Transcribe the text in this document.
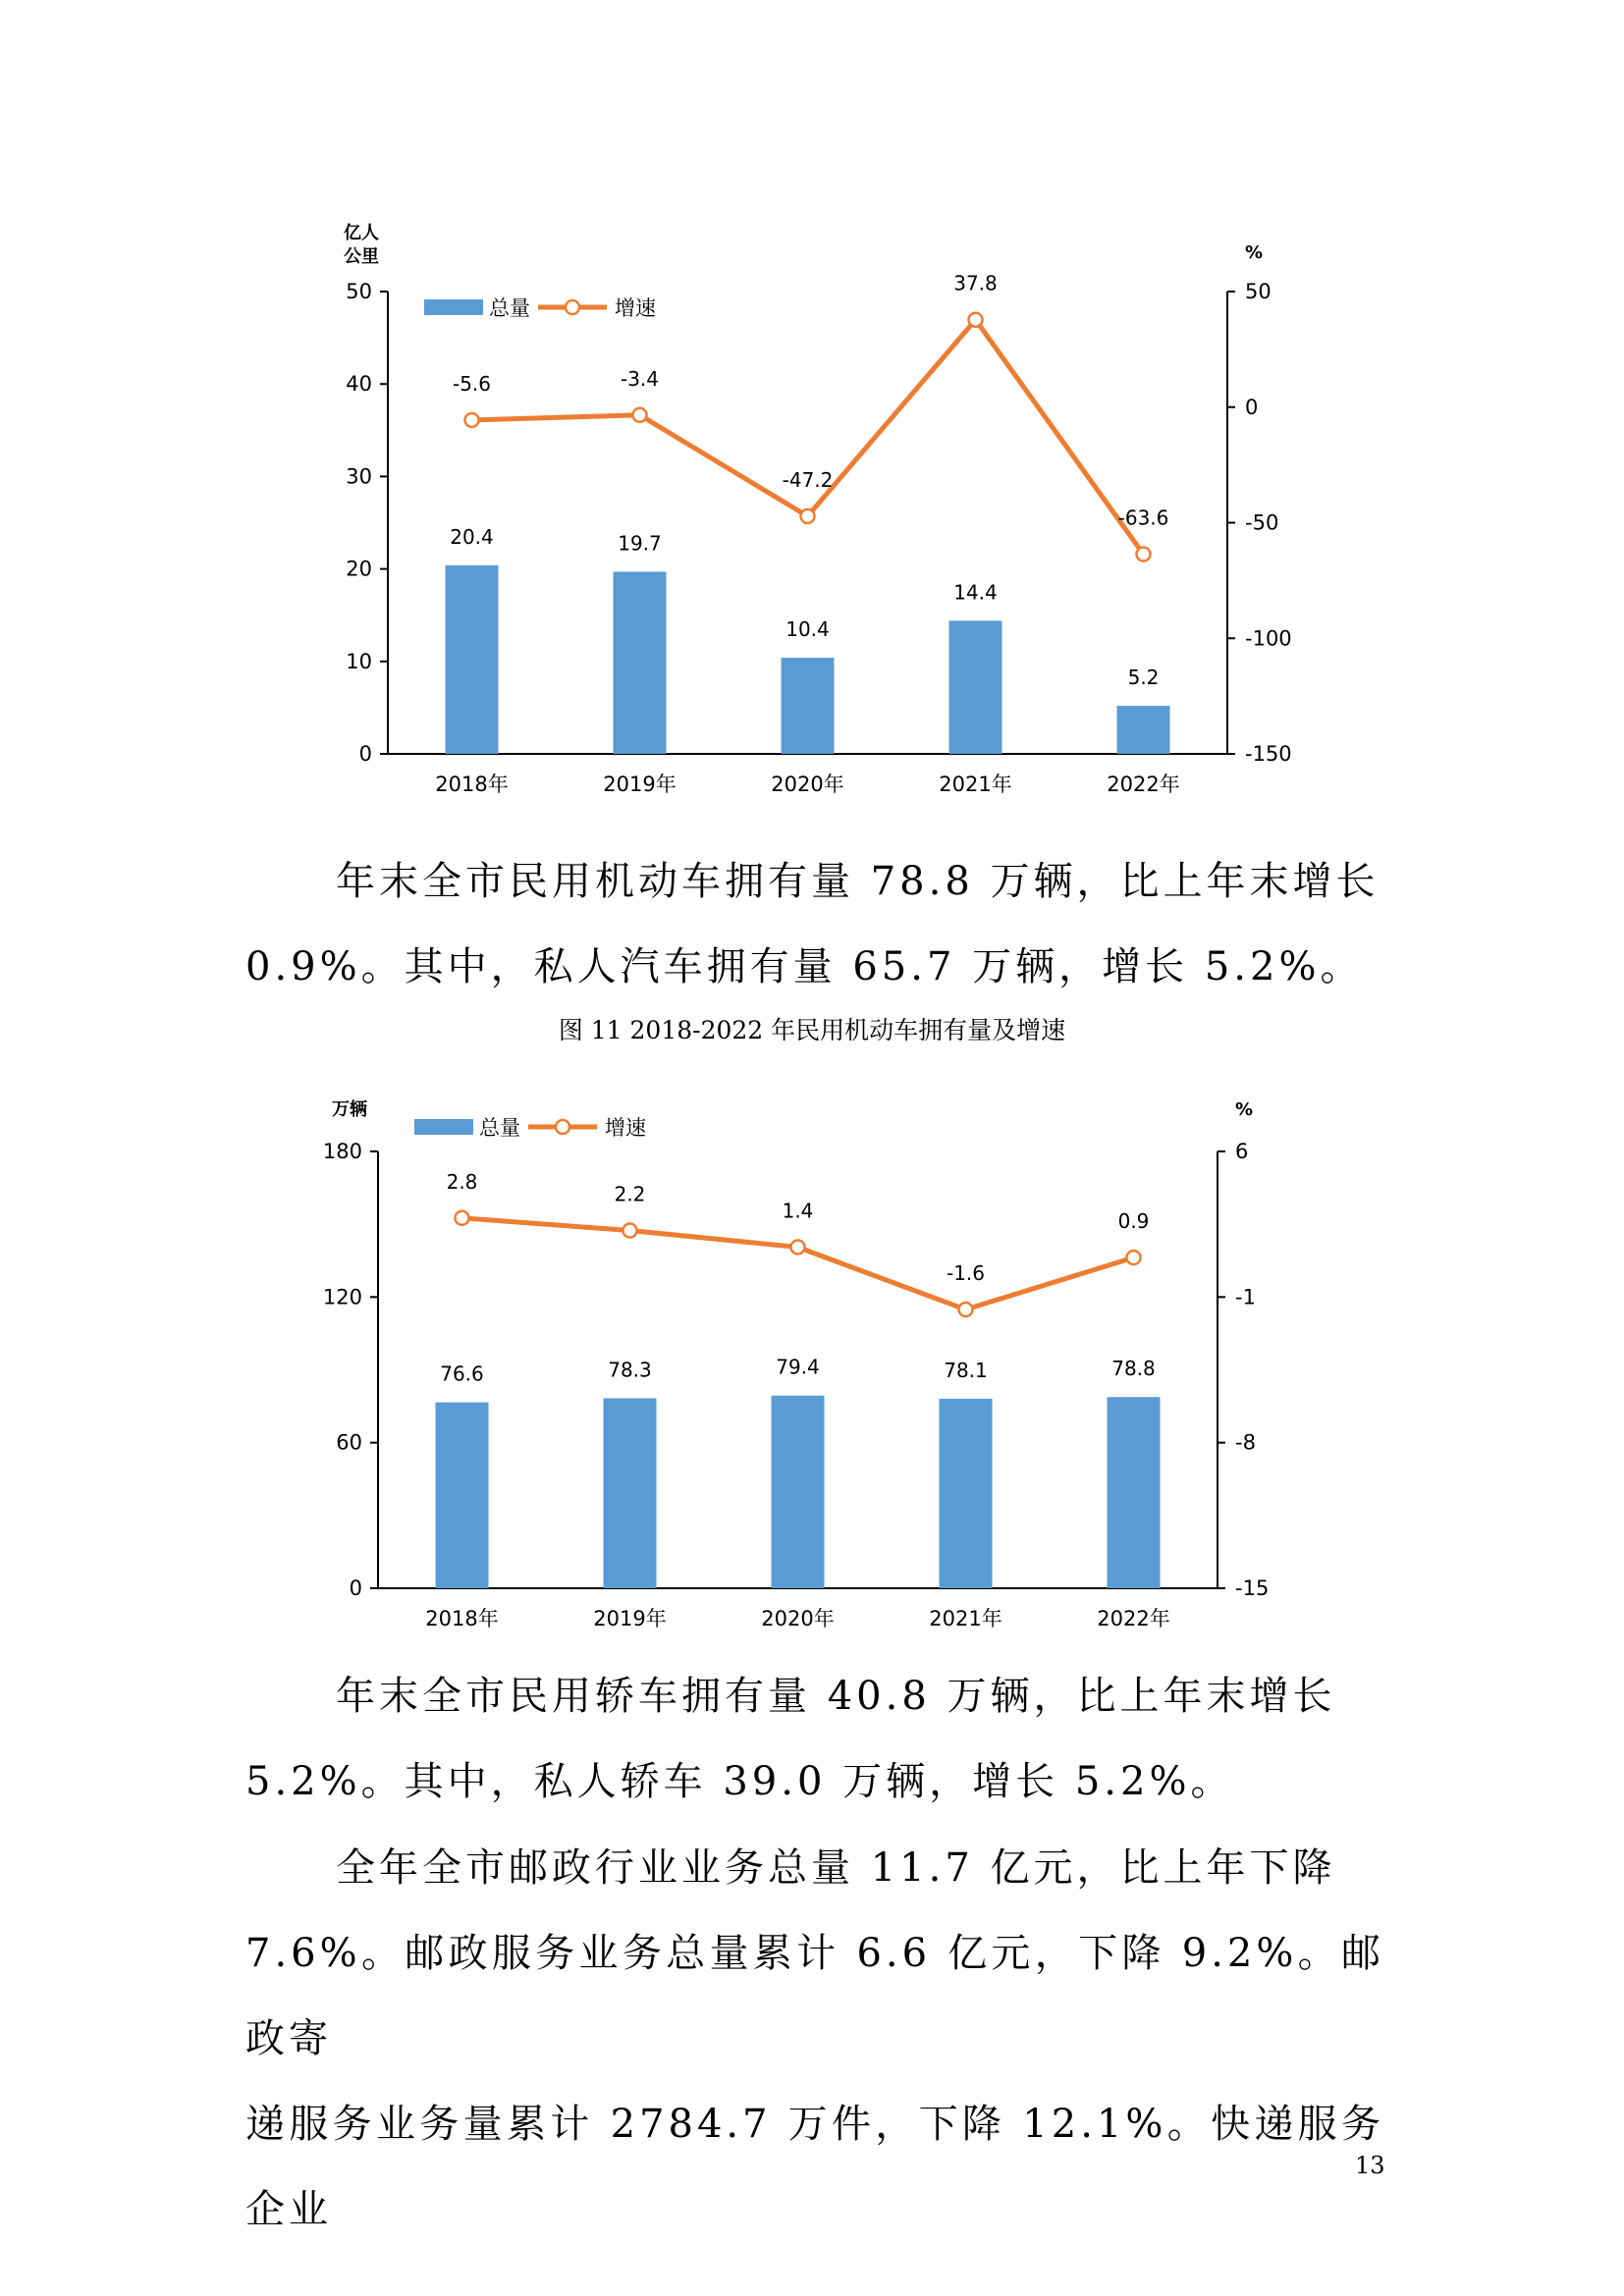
0
10
20
30
40
50
-150
-100
-50
0
50
亿人
公里	%
20.4	19.7
10.4
14.4
5.2
2018年	2019年	2020年	2021年	2022年
-5.6	-3.4
-47.2
37.8
-63.6
总量	增速
年末全市民用机动车拥有量 78.8 万辆，比上年末增长
0.9%。其中，私人汽车拥有量 65.7 万辆，增长 5.2%。
图 11 2018-2022 年民用机动车拥有量及增速
0
60
120
180
-15
-8
-1
6
万辆	%
76.6	78.3	79.4	78.1	78.8
2018年	2019年	2020年	2021年	2022年
2.8
2.2
1.4
-1.6
0.9
总量	增速
年末全市民用轿车拥有量 40.8 万辆，比上年末增长
5.2%。其中，私人轿车 39.0 万辆，增长 5.2%。
全年全市邮政行业业务总量 11.7 亿元，比上年下降
7.6%。邮政服务业务总量累计 6.6 亿元，下降 9.2%。邮政寄
递服务业务量累计 2784.7 万件，下降 12.1%。快递服务企业
13
